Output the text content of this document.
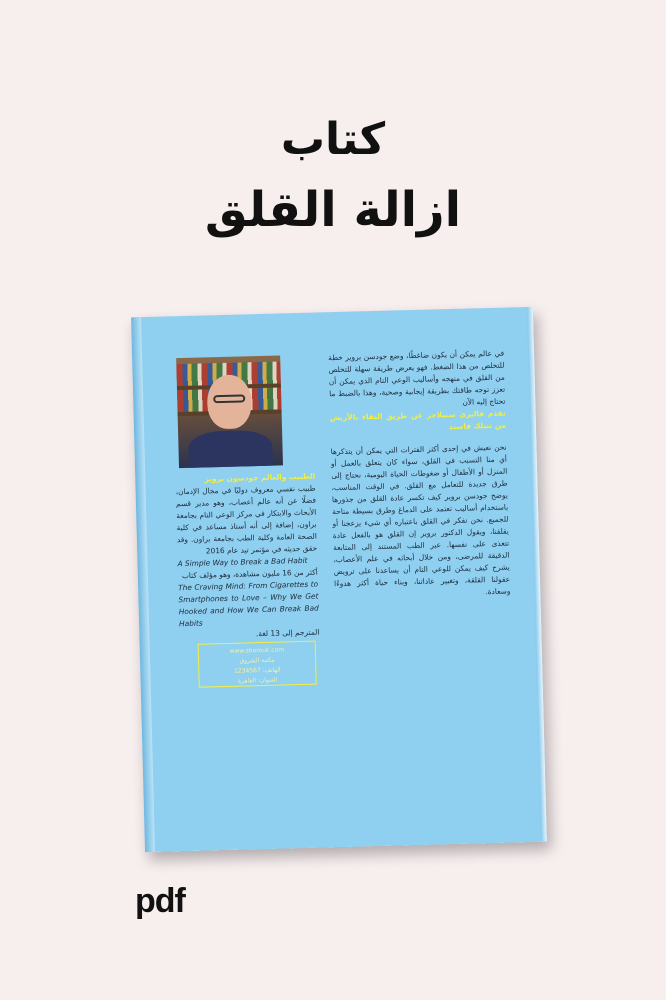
كتاب
ازالة القلق
في عالم يمكن أن يكون ضاغطًا، وضع جودسن بروير خطة للتخلص من هذا الضغط. فهو يعرض طريقة سهلة للتخلص من القلق في منهجه وأساليب الوعي التام الذي يمكن أن تعزز توجه طاقتك بطريقة إيجابية وصحية، وهذا بالضبط ما تحتاج إليه الآن
تقدم فاليري ستيلاجر عن طريق البقاء بالأريش من تنبلك فاسيد
نحن نعيش في إحدى أكثر الفترات التي يمكن أن يتذكرها أي منا التسبب في القلق، سواء كان يتعلق بالعمل أو المنزل أو الأطفال أو ضغوطات الحياة اليومية، نحتاج إلى طرق جديدة للتعامل مع القلق. في الوقت المناسب، يوضح جودسن بروير كيف تكسر عادة القلق من جذورها باستخدام أساليب تعتمد على الدماغ وطرق بسيطة متاحة للجميع. نحن نفكر في القلق باعتباره أي شيء يزعجنا أو يقلقنا، ويقول الدكتور بروير إن القلق هو بالفعل عادة تتغذى على نفسها. عبر الطب المستند إلى المتابعة الدقيقة للمرضى، ومن خلال أبحاثه في علم الأعصاب، يشرح كيف يمكن للوعي التام أن يساعدنا على ترويض عقولنا القلقة، وتغيير عاداتنا، وبناء حياة أكثر هدوءًا وسعادة.
الطبيب والعالم جودسون بروير
طبيب نفسي معروف دوليًا في مجال الإدمان، فضلًا عن أنه عالم أعصاب، وهو مدير قسم الأبحاث والابتكار في مركز الوعي التام بجامعة براون، إضافة إلى أنه أستاذ مساعد في كلية الصحة العامة وكلية الطب بجامعة براون. وقد حقق حديثه في مؤتمر تيد عام 2016
A Simple Way to Break a Bad Habit
أكثر من 16 مليون مشاهدة، وهو مؤلف كتاب
The Craving Mind: From Cigarettes to Smartphones to Love – Why We Get Hooked and How We Can Break Bad Habits
المترجم إلى 13 لغة.
www.shorouk.com
مكتبة الشروق
الهاتف: 1234567
العنوان: القاهرة
pdf
